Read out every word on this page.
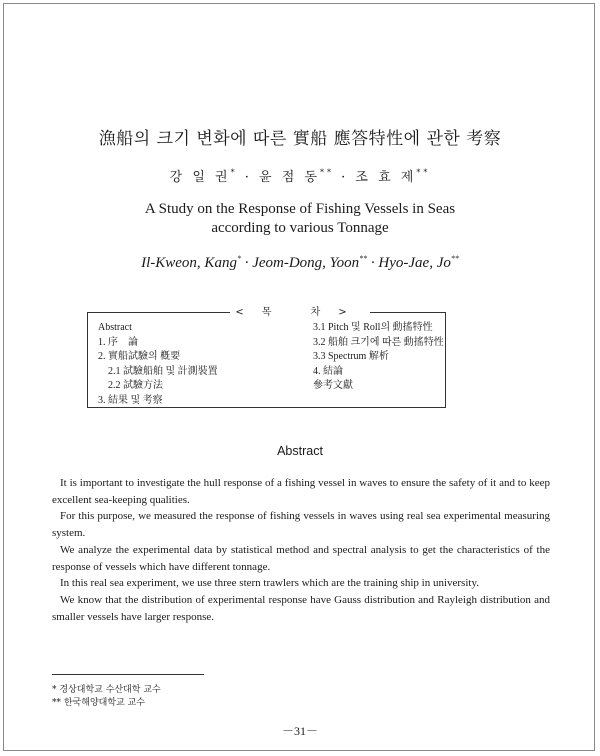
漁船의 크기 변화에 따른 實船 應答特性에 관한 考察
강 일 권* · 윤 점 동** · 조 효 제**
A Study on the Response of Fishing Vessels in Seas
according to various Tonnage
Il-Kweon, Kang* · Jeom-Dong, Yoon** · Hyo-Jae, Jo**
<목 차>
Abstract
1. 序　論
2. 實船試驗의 槪要
2.1 試驗船舶 및 計測裝置
2.2 試驗方法
3. 結果 및 考察
3.1 Pitch 및 Roll의 動搖特性
3.2 船舶 크기에 따른 動搖特性
3.3 Spectrum 解析
4. 結論
參考文獻
Abstract

It is important to investigate the hull response of a fishing vessel in waves to ensure the safety of it and to keep excellent sea-keeping qualities.

For this purpose, we measured the response of fishing vessels in waves using real sea experimental measuring system.

We analyze the experimental data by statistical method and spectral analysis to get the characteristics of the response of vessels which have different tonnage.

In this real sea experiment, we use three stern trawlers which are the training ship in university.

We know that the distribution of experimental response have Gauss distribution and Rayleigh distribution and smaller vessels have larger response.

* 경상대학교 수산대학 교수
** 한국해양대학교 교수
－31－
